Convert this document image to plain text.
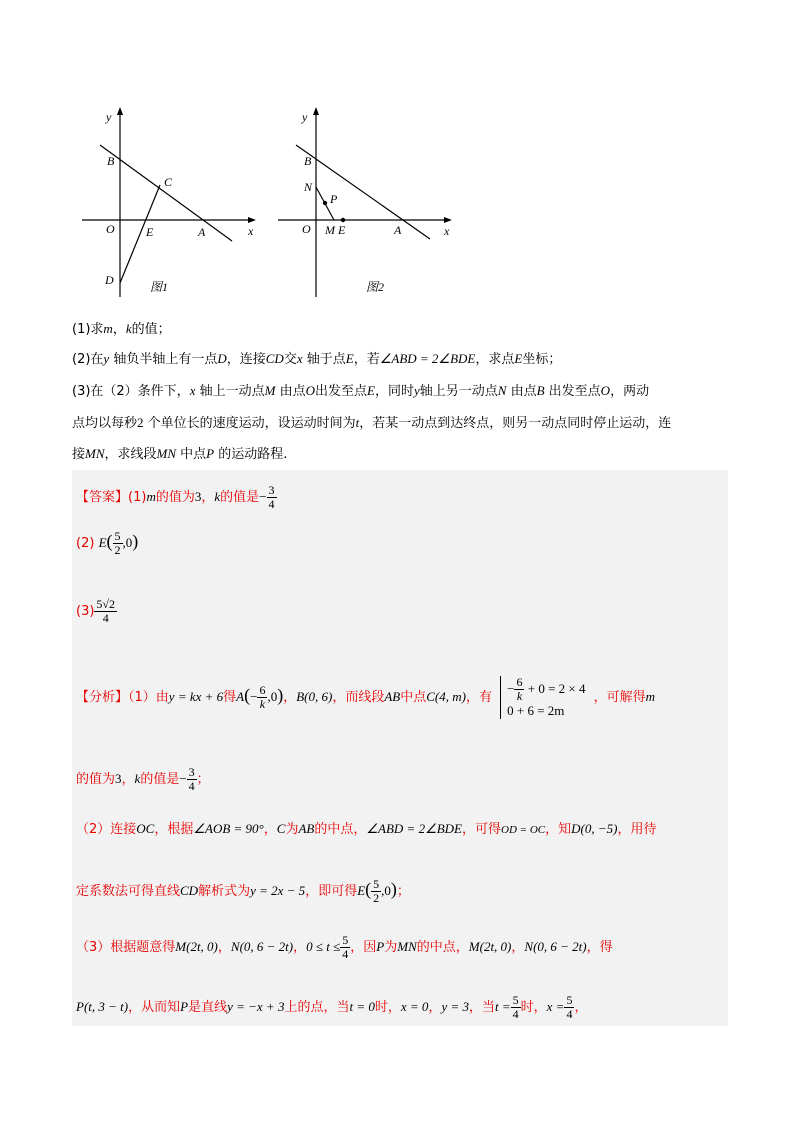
y
x
O
B
C
E	A
D	图1
y
x
O
B
N
P
M E	A
图2
(1)求m，k的值；
(2)在y 轴负半轴上有一点D，连接CD交x 轴于点E，若∠ABD = 2∠BDE，求点E坐标；
(3)在（2）条件下，x 轴上一动点M 由点O出发至点E，同时y轴上另一动点N 由点B 出发至点O，两动
点均以每秒2 个单位长的速度运动，设运动时间为t，若某一动点到达终点，则另一动点同时停止运动，连
接MN，求线段MN 中点P 的运动路程.
【答案】(1)m的值为3，k的值是− $\frac{3}{4}$
(2) $E( \frac{5}{2} ,0)$
$(3) \frac{5√2}{4}$
【分析】（1）由y = kx + 6得$A(- \frac{6}{k} ,0)$，B(0, 6)，而线段AB中点C(4, m)，有
− $\frac{6}{k} + 0 = 2 \times 4$
0 + 6 = 2m
，可解得m
的值为3，k的值是− $\frac{3}{4}$ ；
（2）连接OC，根据∠AOB = 90°，C为AB的中点，∠ABD = 2∠BDE，可得OD = OC，知D(0, −5)，用待
定系数法可得直线CD解析式为y = 2x − 5，即可得$E( \frac{5}{2} ,0)$；
（3）根据题意得M(2t, 0)，N(0, 6 − 2t)，$0 \le t \le \frac{5}{4}$ ，因P为MN的中点，M(2t, 0)，N(0, 6 − 2t)，得
P(t, 3 − t)，从而知P是直线y = −x + 3上的点，当t = 0时，x = 0，y = 3，当$t = \frac{5}{4}$ 时，$x = \frac{5}{4}$ ，
